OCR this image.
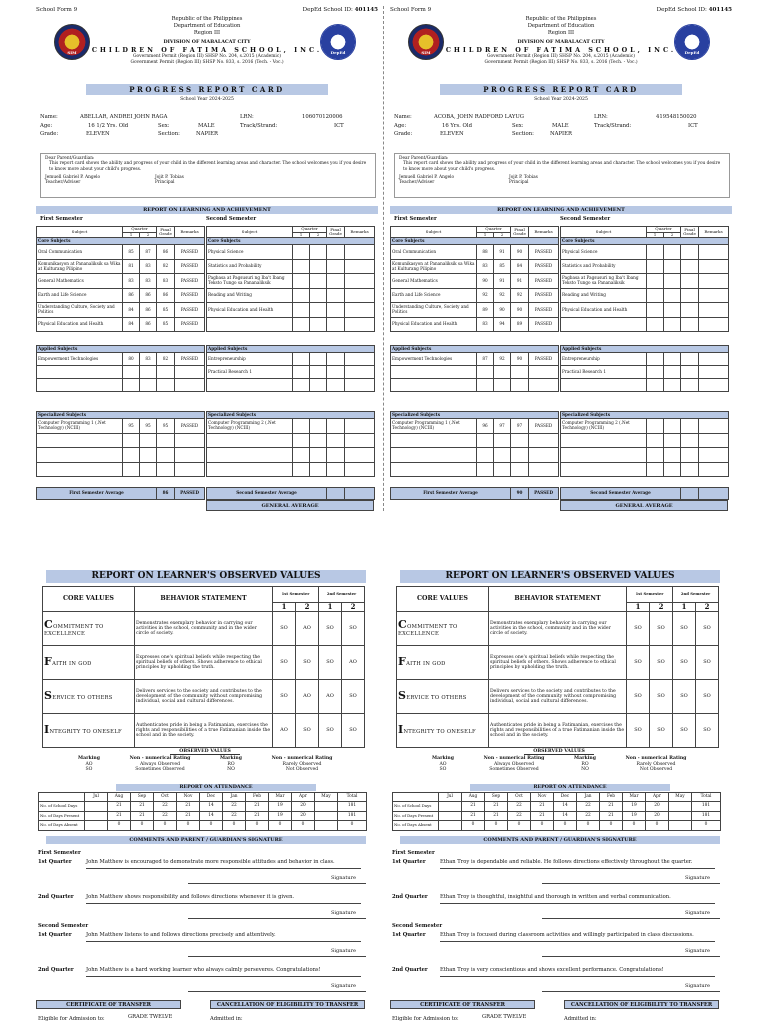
School Form 9	DepEd School ID: 401145
SIM	DepEd
Republic of the Philippines
Department of Education
Region III
DIVISION OF MABALACAT CITY
CHILDREN OF FATIMA SCHOOL, INC.
Government Permit (Region III) SHSP No. 204, s.2015 (Academic)
Government Permit (Region III) SHSP No. 833, s. 2016 (Tech. - Voc.)
PROGRESS REPORT CARD
School Year 2024-2025
Name:	ABELLAR, ANDREI JOHN RAGA	LRN:	106070120006
Age:	16 1/2 Yrs. Old	Sex:	MALE	Track/Strand:	ICT
Grade:	ELEVEN	Section:	NAPIER
Dear Parent/Guardian:
This report card shows the ability and progress of your child in the different learning areas and character. The school welcomes you if you desire to know more about your child's progress.
Jemuell Gabriel P. Angelo
Teacher/Adviser
Jojit P. Tobias
Principal
REPORT ON LEARNING AND ACHIEVEMENT
First Semester	Second Semester
Subject	Quarter		Final Grade	Remarks
	1	2		
Core Subjects				
Oral Communication	85	87	86	PASSED
Komunikasyon at Pananaliksik sa Wika at Kulturang Pilipino	81	83	82	PASSED
General Mathematics	83	83	83	PASSED
Earth and Life Science	86	86	86	PASSED
Understanding Culture, Society and Politics	84	86	85	PASSED
Physical Education and Health	84	86	85	PASSED

Applied Subjects				
Empowerment Technologies	80	83	82	PASSED

Specialized Subjects				
Computer Programming 1 (.Net Technology) (NCIII)	95	95	95	PASSED

First Semester Average			86	PASSED
Subject	Quarter		Final Grade	Remarks
	1	2		
Core Subjects				
Physical Science				
Statistics and Probability				
Pagbasa at Pagsusuri ng Iba't Ibang Teksto Tungo sa Pananaliksik				
Reading and Writing				
Physical Education and Health				

Applied Subjects				
Entrepreneurship				
Practical Research 1				

Specialized Subjects				
Computer Programming 2 (.Net Technology) (NCIII)				

Second Semester Average				
GENERAL AVERAGE
School Form 9	DepEd School ID: 401145
SIM	DepEd
Republic of the Philippines
Department of Education
Region III
DIVISION OF MABALACAT CITY
CHILDREN OF FATIMA SCHOOL, INC.
Government Permit (Region III) SHSP No. 204, s.2015 (Academic)
Government Permit (Region III) SHSP No. 833, s. 2016 (Tech. - Voc.)
PROGRESS REPORT CARD
School Year 2024-2025
Name:	ACOBA, JOHN RADFORD LAYUG	LRN:	419548150020
Age:	16 Yrs. Old	Sex:	MALE	Track/Strand:	ICT
Grade:	ELEVEN	Section:	NAPIER
Dear Parent/Guardian:
This report card shows the ability and progress of your child in the different learning areas and character. The school welcomes you if you desire to know more about your child's progress.
Jemuell Gabriel P. Angelo
Teacher/Adviser
Jojit P. Tobias
Principal
REPORT ON LEARNING AND ACHIEVEMENT
First Semester	Second Semester
Subject	Quarter		Final Grade	Remarks
	1	2		
Core Subjects				
Oral Communication	88	91	90	PASSED
Komunikasyon at Pananaliksik sa Wika at Kulturang Pilipino	83	85	84	PASSED
General Mathematics	90	91	91	PASSED
Earth and Life Science	92	92	92	PASSED
Understanding Culture, Society and Politics	89	90	90	PASSED
Physical Education and Health	83	94	89	PASSED

Applied Subjects				
Empowerment Technologies	87	92	90	PASSED

Specialized Subjects				
Computer Programming 1 (.Net Technology) (NCIII)	96	97	97	PASSED

First Semester Average			90	PASSED
Subject	Quarter		Final Grade	Remarks
	1	2		
Core Subjects				
Physical Science				
Statistics and Probability				
Pagbasa at Pagsusuri ng Iba't Ibang Teksto Tungo sa Pananaliksik				
Reading and Writing				
Physical Education and Health				

Applied Subjects				
Entrepreneurship				
Practical Research 1				

Specialized Subjects				
Computer Programming 2 (.Net Technology) (NCIII)				

Second Semester Average				
GENERAL AVERAGE
REPORT ON LEARNER'S OBSERVED VALUES
CORE VALUES	BEHAVIOR STATEMENT	1st Semester		2nd Semester	
		1	2	1	2
COMMITMENT TO EXCELLENCE	Demonstrates exemplary behavior in carrying our activities in the school, community and in the wider circle of society.	SO	AO	SO	SO
FAITH IN GOD	Expresses one's spiritual beliefs while respecting the spiritual beliefs of others. Shows adherence to ethical principles by upholding the truth.	SO	SO	SO	AO
SERVICE TO OTHERS	Delivers services to the society and contributes to the development of the community without compromising individual, social and cultural differences.	SO	AO	AO	SO
INTEGRITY TO ONESELF	Authenticates pride in being a Fatimanian, exercises the rights and responsibilities of a true Fatimanian inside the school and in the society.	AO	SO	SO	SO
OBSERVED VALUES
Marking	Non - numerical Rating	Marking	Non - numerical Rating
AO	Always Observed	RO	Rarely Observed
SO	Sometimes Observed	NO	Not Observed
REPORT ON ATTENDANCE
	Jul	Aug	Sep	Oct	Nov	Dec	Jan	Feb	Mar	Apr	May	Total
No. of School Days		21	21	22	21	14	22	21	19	20		181
No. of Days Present		21	21	22	21	14	22	21	19	20		181
No. of Days Absent		0	0	0	0	0	0	0	0	0		0
COMMENTS AND PARENT / GUARDIAN'S SIGNATURE
First Semester
Second Semester
1st Quarter	John Matthew is encouraged to demonstrate more responsible attitudes and behavior in class.
Signature
2nd Quarter John Matthew shows responsibility and follows directions whenever it is given.
Signature
1st Quarter	John Matthew listens to and follows directions precisely and attentively.
Signature
2nd Quarter John Matthew is a hard working learner who always calmly perseveres. Congratulations!
Signature
CERTIFICATE OF TRANSFER	CANCELLATION OF ELIGIBILITY TO TRANSFER
Eligible for Admission to:	GRADE TWELVE	Admitted in:
REPORT ON LEARNER'S OBSERVED VALUES
CORE VALUES	BEHAVIOR STATEMENT	1st Semester		2nd Semester	
		1	2	1	2
COMMITMENT TO EXCELLENCE	Demonstrates exemplary behavior in carrying our activities in the school, community and in the wider circle of society.	SO	SO	SO	SO
FAITH IN GOD	Expresses one's spiritual beliefs while respecting the spiritual beliefs of others. Shows adherence to ethical principles by upholding the truth.	SO	SO	SO	SO
SERVICE TO OTHERS	Delivers services to the society and contributes to the development of the community without compromising individual, social and cultural differences.	SO	SO	SO	SO
INTEGRITY TO ONESELF	Authenticates pride in being a Fatimanian, exercises the rights and responsibilities of a true Fatimanian inside the school and in the society.	SO	SO	SO	SO
OBSERVED VALUES
Marking	Non - numerical Rating	Marking	Non - numerical Rating
AO	Always Observed	RO	Rarely Observed
SO	Sometimes Observed	NO	Not Observed
REPORT ON ATTENDANCE
	Jul	Aug	Sep	Oct	Nov	Dec	Jan	Feb	Mar	Apr	May	Total
No. of School Days		21	21	22	21	14	22	21	19	20		181
No. of Days Present		21	21	22	21	14	22	21	19	20		181
No. of Days Absent		0	0	0	0	0	0	0	0	0		0
COMMENTS AND PARENT / GUARDIAN'S SIGNATURE
First Semester
Second Semester
1st Quarter	Ethan Troy is dependable and reliable. He follows directions effectively throughout the quarter.
Signature
2nd Quarter Ethan Troy is thoughtful, insightful and thorough in written and verbal communication.
Signature
1st Quarter	Ethan Troy is focused during classroom activities and willingly participated in class discussions.
Signature
2nd Quarter Ethan Troy is very conscientious and shows excellent performance. Congratulations!
Signature
CERTIFICATE OF TRANSFER	CANCELLATION OF ELIGIBILITY TO TRANSFER
Eligible for Admission to:	GRADE TWELVE	Admitted in:
